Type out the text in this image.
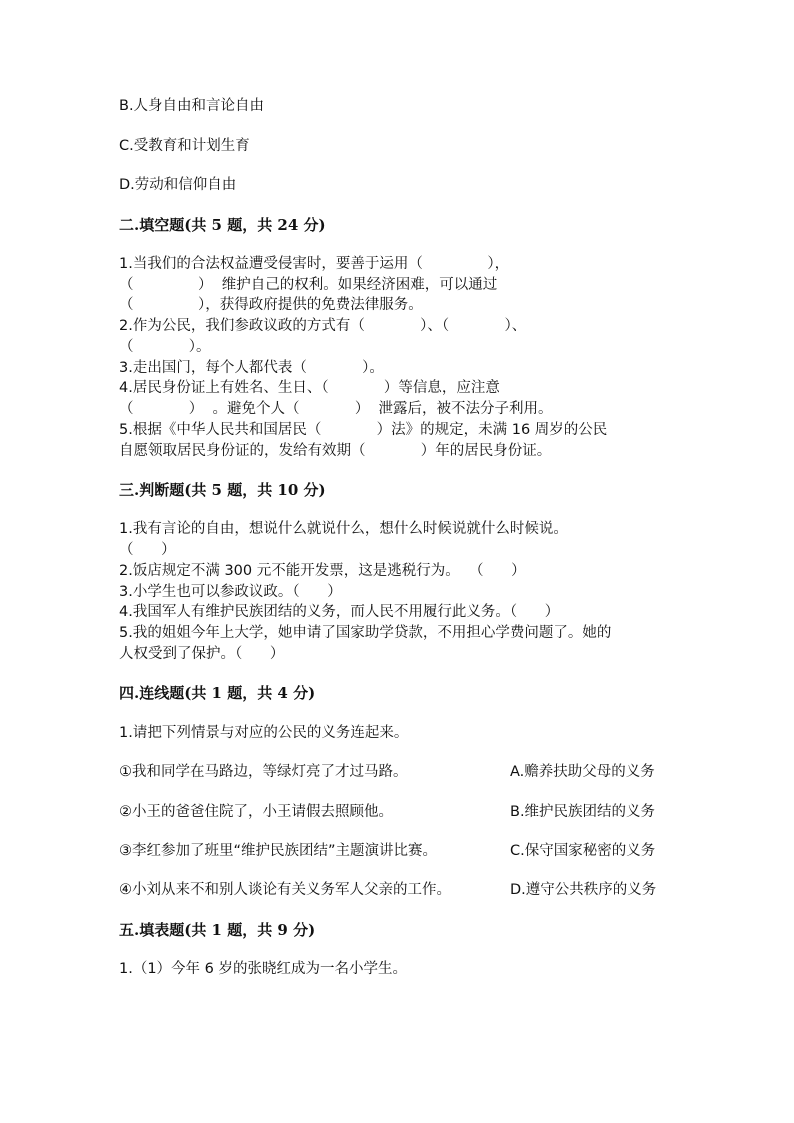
B.人身自由和言论自由
C.受教育和计划生育
D.劳动和信仰自由
二.填空题(共 5 题，共 24 分)
1.当我们的合法权益遭受侵害时，要善于运用（              ），
（              ）  维护自己的权利。如果经济困难，可以通过
（              ），获得政府提供的免费法律服务。
2.作为公民，我们参政议政的方式有（            ）、（            ）、
（            ）。
3.走出国门，每个人都代表（            ）。
4.居民身份证上有姓名、生日、（            ）等信息，应注意
（            ）  。避免个人（            ）  泄露后，被不法分子利用。
5.根据《中华人民共和国居民（            ）法》的规定，未满 16 周岁的公民
自愿领取居民身份证的，发给有效期（            ）年的居民身份证。
三.判断题(共 5 题，共 10 分)
1.我有言论的自由，想说什么就说什么，想什么时候说就什么时候说。
（      ）
2.饭店规定不满 300 元不能开发票，这是逃税行为。  （      ）
3.小学生也可以参政议政。（      ）
4.我国军人有维护民族团结的义务，而人民不用履行此义务。（      ）
5.我的姐姐今年上大学，她申请了国家助学贷款，不用担心学费问题了。她的
人权受到了保护。（      ）
四.连线题(共 1 题，共 4 分)
1.请把下列情景与对应的公民的义务连起来。
①我和同学在马路边，等绿灯亮了才过马路。	A.赡养扶助父母的义务
②小王的爸爸住院了，小王请假去照顾他。	B.维护民族团结的义务
③李红参加了班里“维护民族团结”主题演讲比赛。	C.保守国家秘密的义务
④小刘从来不和别人谈论有关义务军人父亲的工作。	D.遵守公共秩序的义务
五.填表题(共 1 题，共 9 分)
1.（1）今年 6 岁的张晓红成为一名小学生。
